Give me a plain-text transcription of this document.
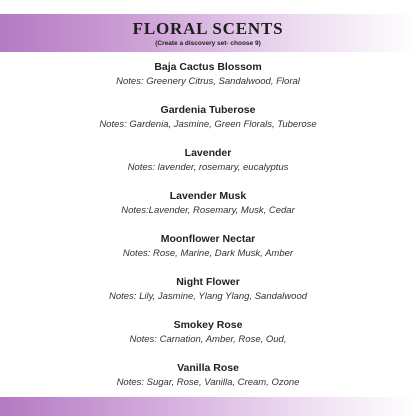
FLORAL SCENTS
(Create a discovery set- choose 9)
Baja Cactus Blossom
Notes: Greenery Citrus, Sandalwood, Floral
Gardenia Tuberose
Notes: Gardenia, Jasmine, Green Florals, Tuberose
Lavender
Notes: lavender, rosemary, eucalyptus
Lavender Musk
Notes:Lavender, Rosemary, Musk, Cedar
Moonflower Nectar
Notes: Rose, Marine, Dark Musk, Amber
Night Flower
Notes: Lily, Jasmine, Ylang Ylang, Sandalwood
Smokey Rose
Notes: Carnation, Amber, Rose, Oud,
Vanilla Rose
Notes: Sugar, Rose, Vanilla, Cream, Ozone
